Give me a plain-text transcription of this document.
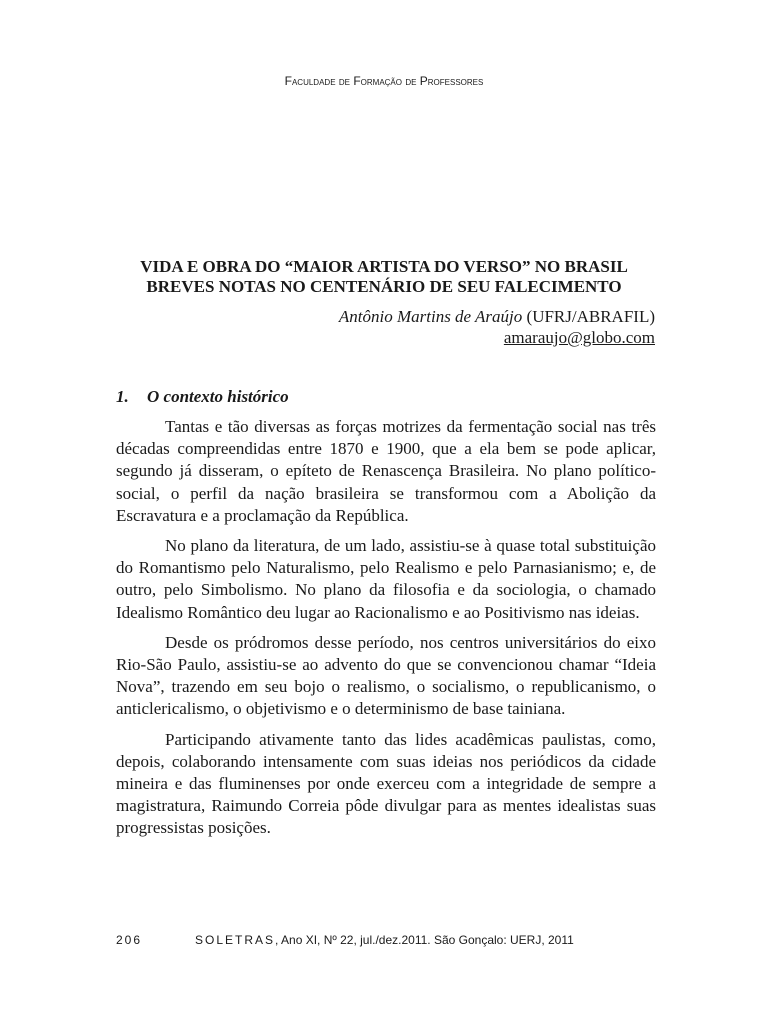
Faculdade de Formação de Professores
VIDA E OBRA DO “MAIOR ARTISTA DO VERSO” NO BRASIL
BREVES NOTAS NO CENTENÁRIO DE SEU FALECIMENTO
Antônio Martins de Araújo (UFRJ/ABRAFIL)
amaraujo@globo.com
1. O contexto histórico

Tantas e tão diversas as forças motrizes da fermentação social nas três décadas compreendidas entre 1870 e 1900, que a ela bem se pode aplicar, segundo já disseram, o epíteto de Renascença Brasileira. No plano político-social, o perfil da nação brasileira se transformou com a Abolição da Escravatura e a proclamação da República.

No plano da literatura, de um lado, assistiu-se à quase total substituição do Romantismo pelo Naturalismo, pelo Realismo e pelo Parnasianismo; e, de outro, pelo Simbolismo. No plano da filosofia e da sociologia, o chamado Idealismo Romântico deu lugar ao Racionalismo e ao Positivismo nas ideias.

Desde os pródromos desse período, nos centros universitários do eixo Rio-São Paulo, assistiu-se ao advento do que se convencionou chamar “Ideia Nova”, trazendo em seu bojo o realismo, o socialismo, o republicanismo, o anticlericalismo, o objetivismo e o determinismo de base tainiana.

Participando ativamente tanto das lides acadêmicas paulistas, como, depois, colaborando intensamente com suas ideias nos periódicos da cidade mineira e das fluminenses por onde exerceu com a integridade de sempre a magistratura, Raimundo Correia pôde divulgar para as mentes idealistas suas progressistas posições.

206	SOLETRAS, Ano XI, Nº 22, jul./dez.2011. São Gonçalo: UERJ, 2011
